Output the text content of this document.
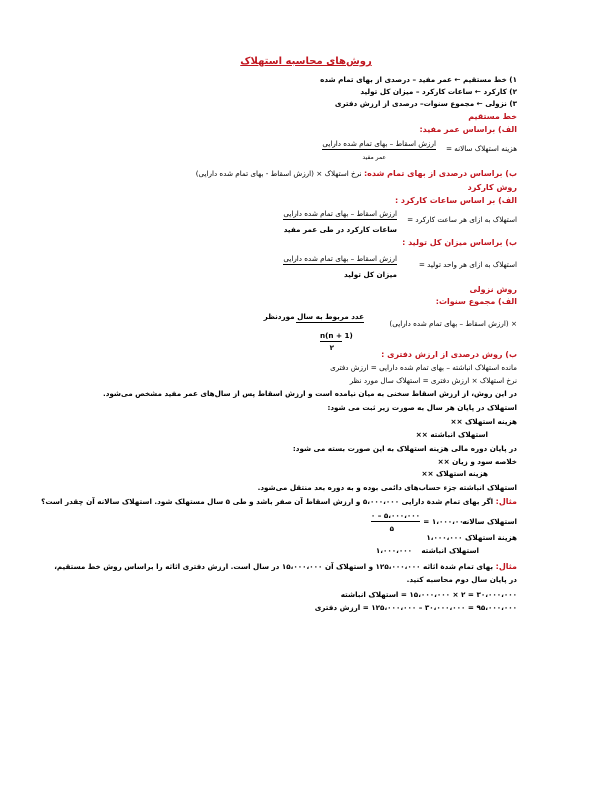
روش‌های محاسبه استهلاک
۱) خط مستقیم ← عمر مفید – درصدی از بهای تمام شده
۲) کارکرد ← ساعات کارکرد – میزان کل تولید
۳) نزولی ← مجموع سنوات– درصدی از ارزش دفتری
خط مستقیم
الف) براساس عمر مفید:
هزینه استهلاک سالانه =
ارزش اسقاط – بهای تمام شده دارایی
عمر مفید
ب) براساس درصدی از بهای تمام شده: نرخ استهلاک × (ارزش اسقاط - بهای تمام شده دارایی)
روش کارکرد
الف) بر اساس ساعات کارکرد :
استهلاک به ازای هر ساعت کارکرد =
ارزش اسقاط – بهای تمام شده دارایی
ساعات کارکرد در طی عمر مفید
ب) براساس میزان کل تولید :
استهلاک به ازای هر واحد تولید =
ارزش اسقاط – بهای تمام شده دارایی
میزان کل تولید
روش نزولی
الف) مجموع سنوات:
× (ارزش اسقاط – بهای تمام شده دارایی)
عدد مربوط به سال موردنظر
n(n + 1)
۲
ب) روش درصدی از ارزش دفتری :
مانده استهلاک انباشته – بهای تمام شده دارایی = ارزش دفتری
نرخ استهلاک × ارزش دفتری = استهلاک سال مورد نظر
در این روش، از ارزش اسقاط سخنی به میان نیامده است و ارزش اسقاط پس از سال‌های عمر مفید مشخص می‌شود.
استهلاک در پایان هر سال به صورت زیر ثبت می شود:
هزینه استهلاک ××
استهلاک انباشته ××
در پایان دوره مالی هزینه استهلاک به این صورت بسته می شود:
خلاصه سود و زیان ××
هزینه استهلاک ××
استهلاک انباشته جزء حساب‌های دائمی بوده و به دوره بعد منتقل می‌شود.
مثال: اگر بهای تمام شدة دارایی ۵،۰۰۰،۰۰۰ و ارزش اسقاط آن صفر باشد و طی ۵ سال مستهلک شود. استهلاک سالانه آن چقدر است؟
استهلاک سالانه
۱،۰۰۰،۰۰۰ =
۵،۰۰۰،۰۰۰ – ۰
۵
هزینة استهلاک ۱،۰۰۰،۰۰۰
استهلاک انباشته
۱،۰۰۰،۰۰۰
مثال: بهای تمام شدة اثاثه ۱۲۵،۰۰۰،۰۰۰ و استهلاک آن ۱۵،۰۰۰،۰۰۰ در سال است. ارزش دفتری اثاثه را براساس روش خط مستقیم،
در پایان سال دوم محاسبه کنید.
۳۰،۰۰۰،۰۰۰ = ۲ × ۱۵،۰۰۰،۰۰۰ = استهلاک انباشته
۹۵،۰۰۰،۰۰۰ = ۳۰،۰۰۰،۰۰۰ – ۱۲۵،۰۰۰،۰۰۰ = ارزش دفتری
